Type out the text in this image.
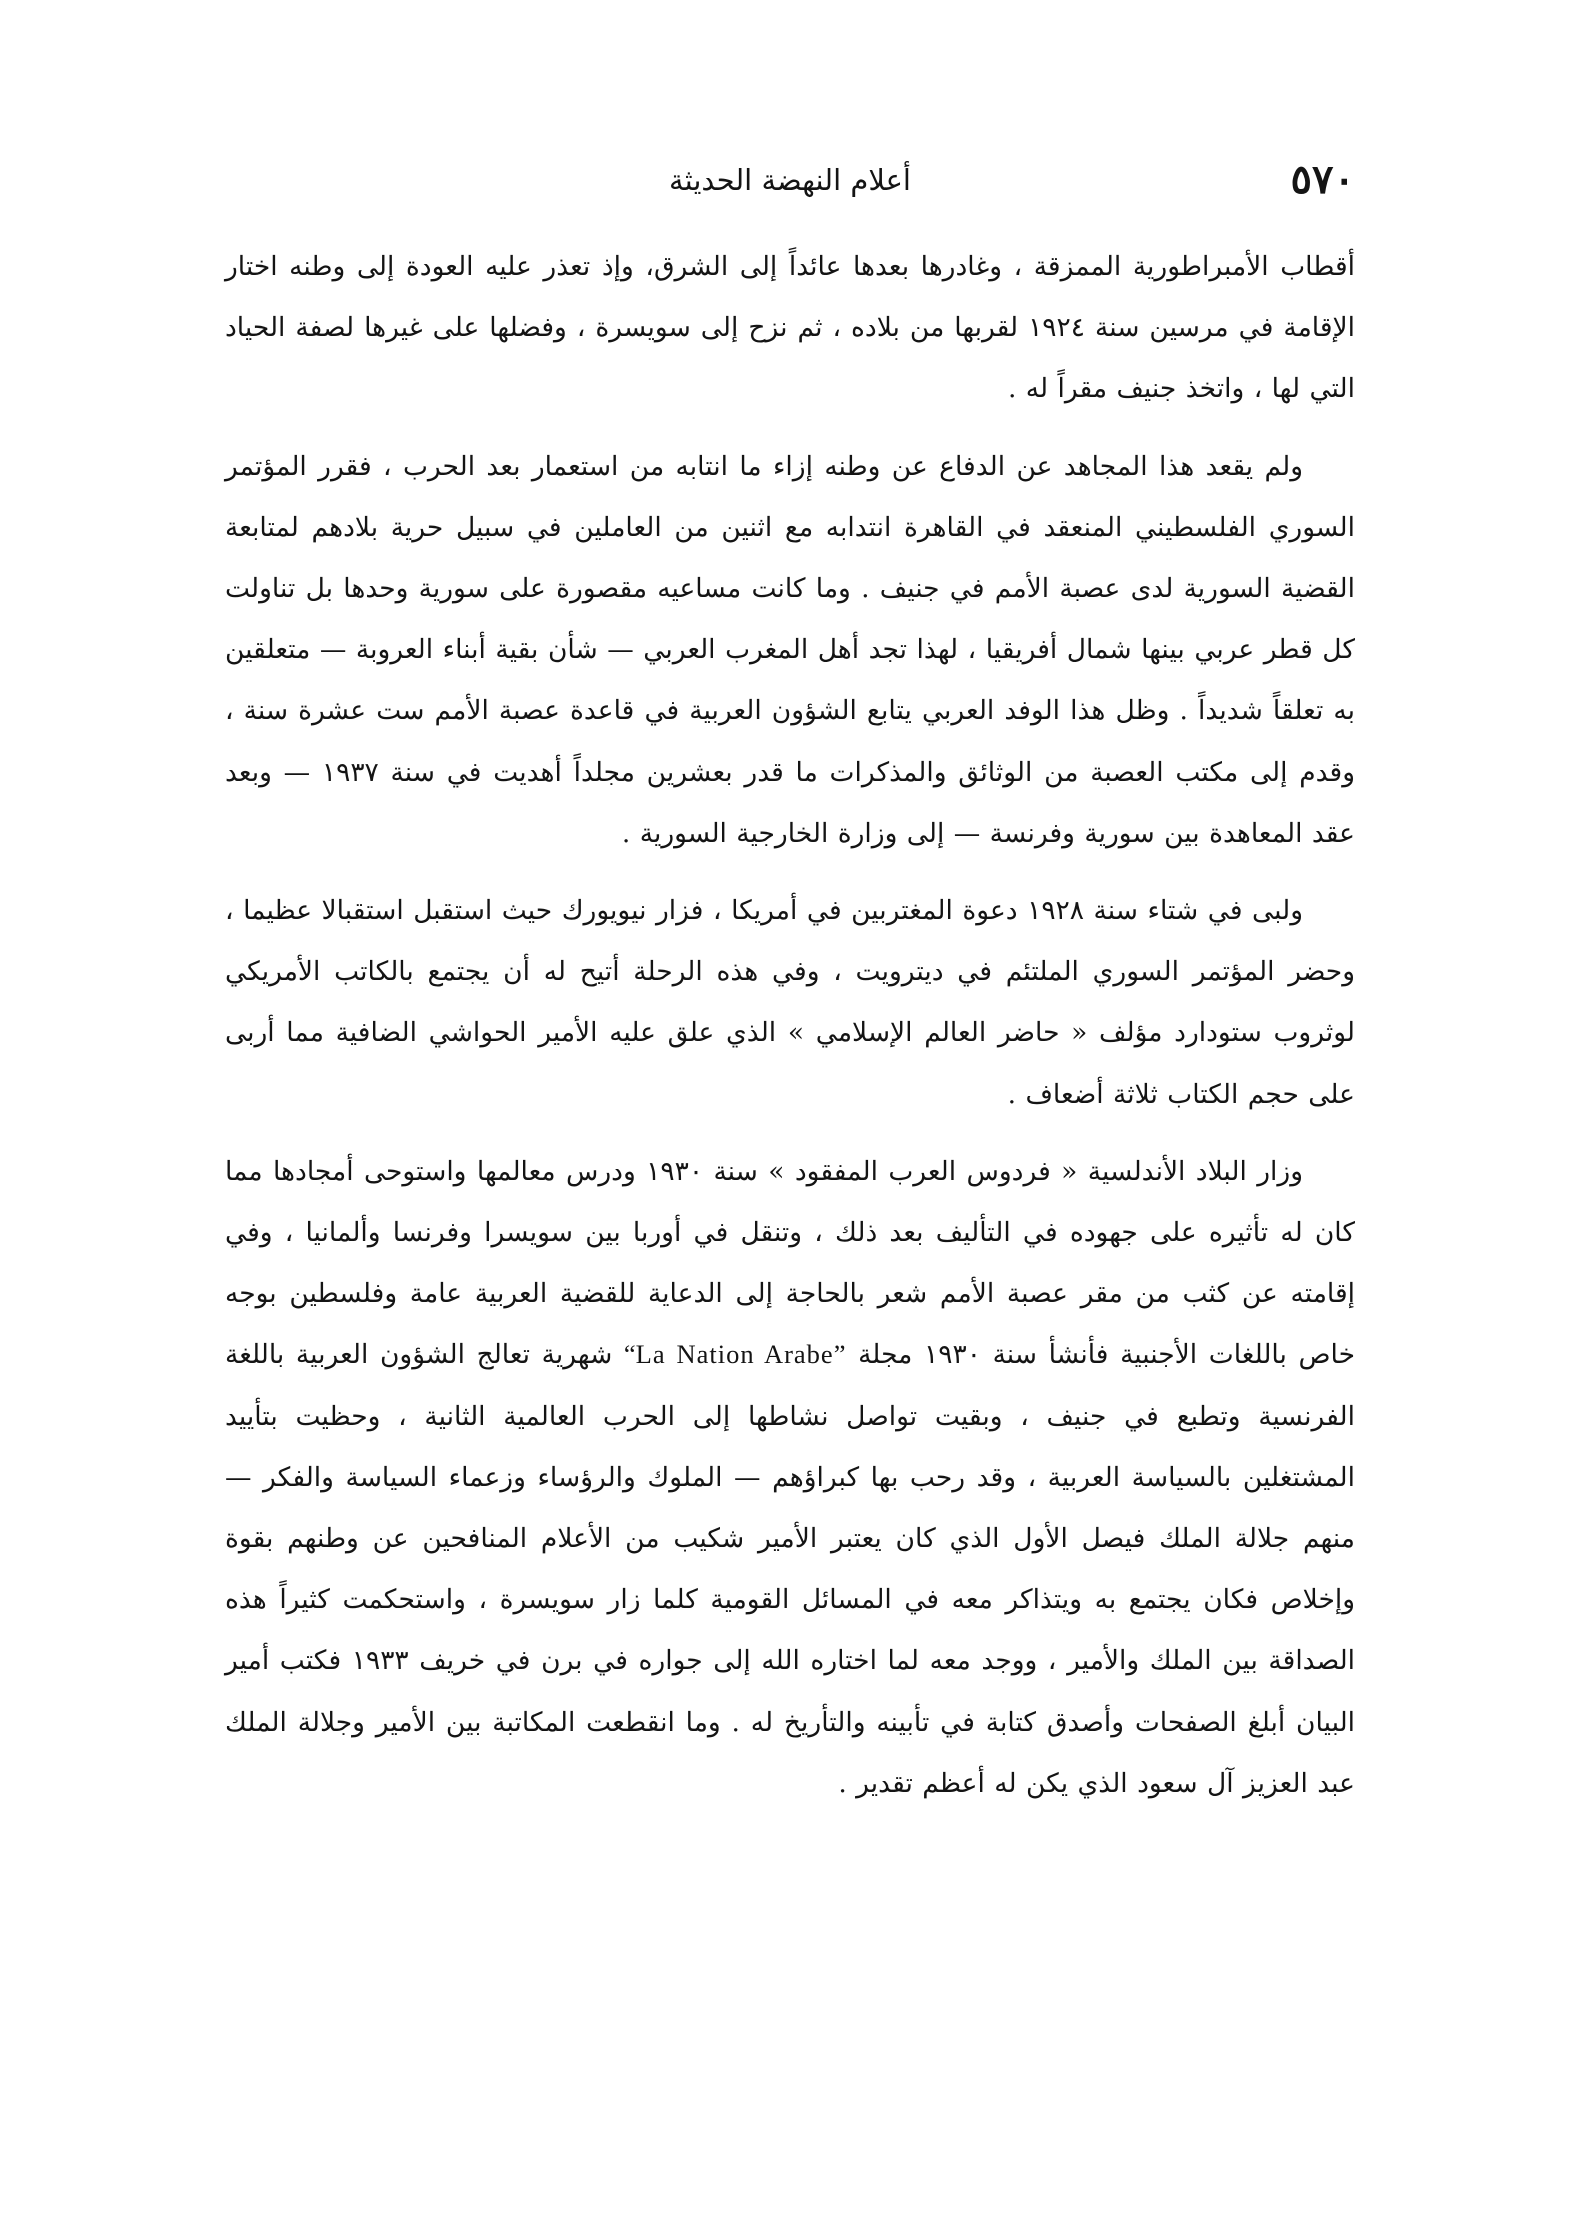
٥٧٠
أعلام النهضة الحديثة

أقطاب الأمبراطورية الممزقة ، وغادرها بعدها عائداً إلى الشرق، وإذ تعذر عليه العودة إلى وطنه اختار الإقامة في مرسين سنة ١٩٢٤ لقربها من بلاده ، ثم نزح إلى سويسرة ، وفضلها على غيرها لصفة الحياد التي لها ، واتخذ جنيف مقراً له .

ولم يقعد هذا المجاهد عن الدفاع عن وطنه إزاء ما انتابه من استعمار بعد الحرب ، فقرر المؤتمر السوري الفلسطيني المنعقد في القاهرة انتدابه مع اثنين من العاملين في سبيل حرية بلادهم لمتابعة القضية السورية لدى عصبة الأمم في جنيف . وما كانت مساعيه مقصورة على سورية وحدها بل تناولت كل قطر عربي بينها شمال أفريقيا ، لهذا تجد أهل المغرب العربي — شأن بقية أبناء العروبة — متعلقين به تعلقاً شديداً . وظل هذا الوفد العربي يتابع الشؤون العربية في قاعدة عصبة الأمم ست عشرة سنة ، وقدم إلى مكتب العصبة من الوثائق والمذكرات ما قدر بعشرين مجلداً أهديت في سنة ١٩٣٧ — وبعد عقد المعاهدة بين سورية وفرنسة — إلى وزارة الخارجية السورية .

ولبى في شتاء سنة ١٩٢٨ دعوة المغتربين في أمريكا ، فزار نيويورك حيث استقبل استقبالا عظيما ، وحضر المؤتمر السوري الملتئم في ديترويت ، وفي هذه الرحلة أتيح له أن يجتمع بالكاتب الأمريكي لوثروب ستودارد مؤلف « حاضر العالم الإسلامي » الذي علق عليه الأمير الحواشي الضافية مما أربى على حجم الكتاب ثلاثة أضعاف .

وزار البلاد الأندلسية « فردوس العرب المفقود » سنة ١٩٣٠ ودرس معالمها واستوحى أمجادها مما كان له تأثيره على جهوده في التأليف بعد ذلك ، وتنقل في أوربا بين سويسرا وفرنسا وألمانيا ، وفي إقامته عن كثب من مقر عصبة الأمم شعر بالحاجة إلى الدعاية للقضية العربية عامة وفلسطين بوجه خاص باللغات الأجنبية فأنشأ سنة ١٩٣٠ مجلة “La Nation Arabe” شهرية تعالج الشؤون العربية باللغة الفرنسية وتطبع في جنيف ، وبقيت تواصل نشاطها إلى الحرب العالمية الثانية ، وحظيت بتأييد المشتغلين بالسياسة العربية ، وقد رحب بها كبراؤهم — الملوك والرؤساء وزعماء السياسة والفكر — منهم جلالة الملك فيصل الأول الذي كان يعتبر الأمير شكيب من الأعلام المنافحين عن وطنهم بقوة وإخلاص فكان يجتمع به ويتذاكر معه في المسائل القومية كلما زار سويسرة ، واستحكمت كثيراً هذه الصداقة بين الملك والأمير ، ووجد معه لما اختاره الله إلى جواره في برن في خريف ١٩٣٣ فكتب أمير البيان أبلغ الصفحات وأصدق كتابة في تأبينه والتأريخ له . وما انقطعت المكاتبة بين الأمير وجلالة الملك عبد العزيز آل سعود الذي يكن له أعظم تقدير .
